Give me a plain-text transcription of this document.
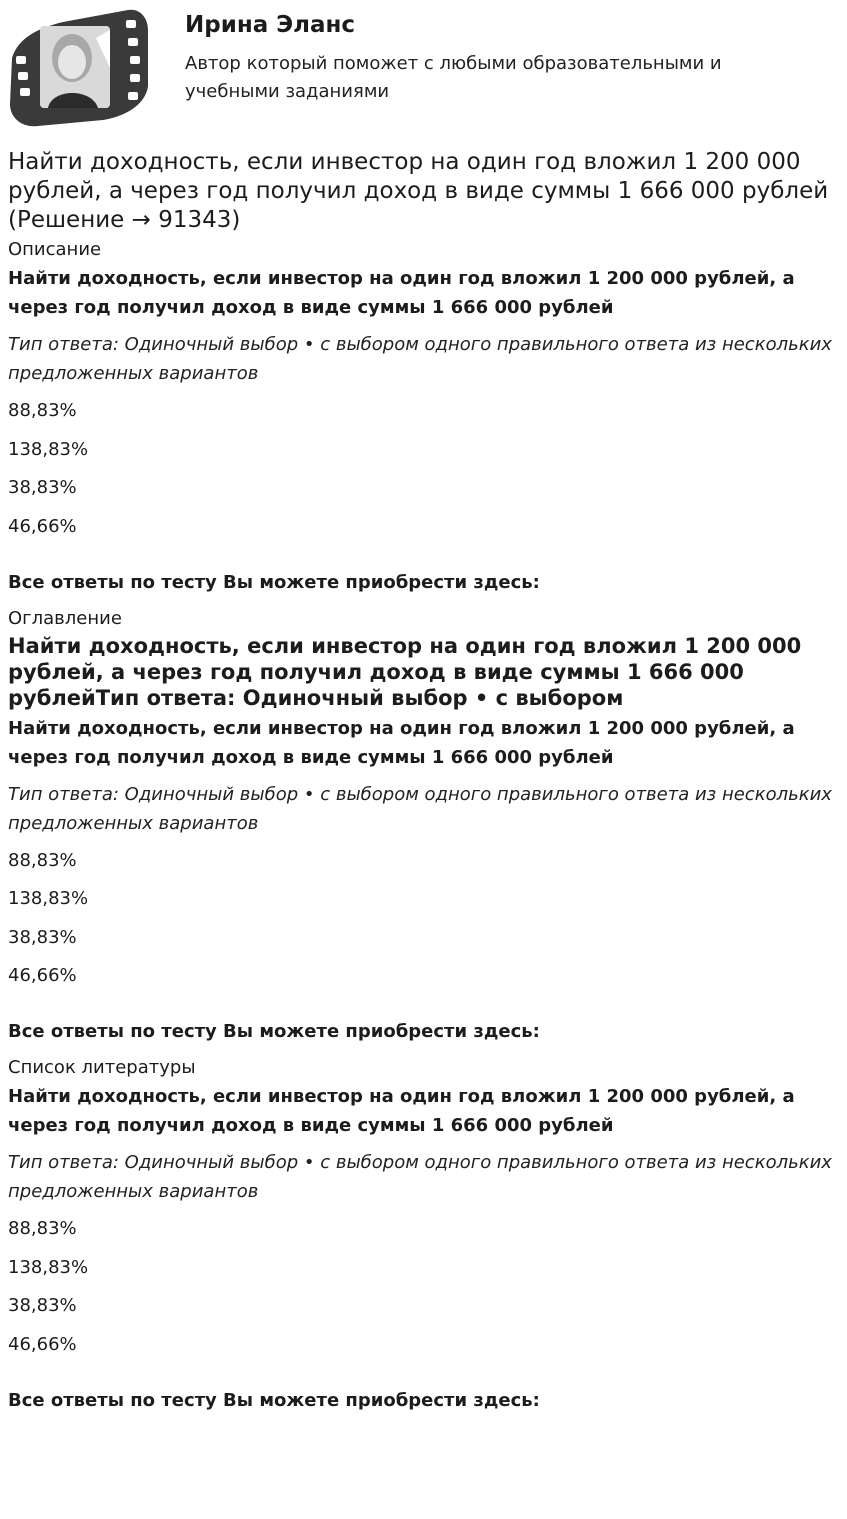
Ирина Эланс

Автор который поможет с любыми образовательными и учебными заданиями

Найти доходность, если инвестор на один год вложил 1 200 000 рублей, а через год получил доход в виде суммы 1 666 000 рублей (Решение → 91343)
Описание

Найти доходность, если инвестор на один год вложил 1 200 000 рублей, а через год получил доход в виде суммы 1 666 000 рублей

Тип ответа: Одиночный выбор • с выбором одного правильного ответа из нескольких предложенных вариантов

88,83%

138,83%

38,83%

46,66%

Все ответы по тесту Вы можете приобрести здесь:

Оглавление
Найти доходность, если инвестор на один год вложил 1 200 000 рублей, а через год получил доход в виде суммы 1 666 000 рублейТип ответа: Одиночный выбор • с выбором

Найти доходность, если инвестор на один год вложил 1 200 000 рублей, а через год получил доход в виде суммы 1 666 000 рублей

Тип ответа: Одиночный выбор • с выбором одного правильного ответа из нескольких предложенных вариантов

88,83%

138,83%

38,83%

46,66%

Все ответы по тесту Вы можете приобрести здесь:

Список литературы

Найти доходность, если инвестор на один год вложил 1 200 000 рублей, а через год получил доход в виде суммы 1 666 000 рублей

Тип ответа: Одиночный выбор • с выбором одного правильного ответа из нескольких предложенных вариантов

88,83%

138,83%

38,83%

46,66%

Все ответы по тесту Вы можете приобрести здесь:
